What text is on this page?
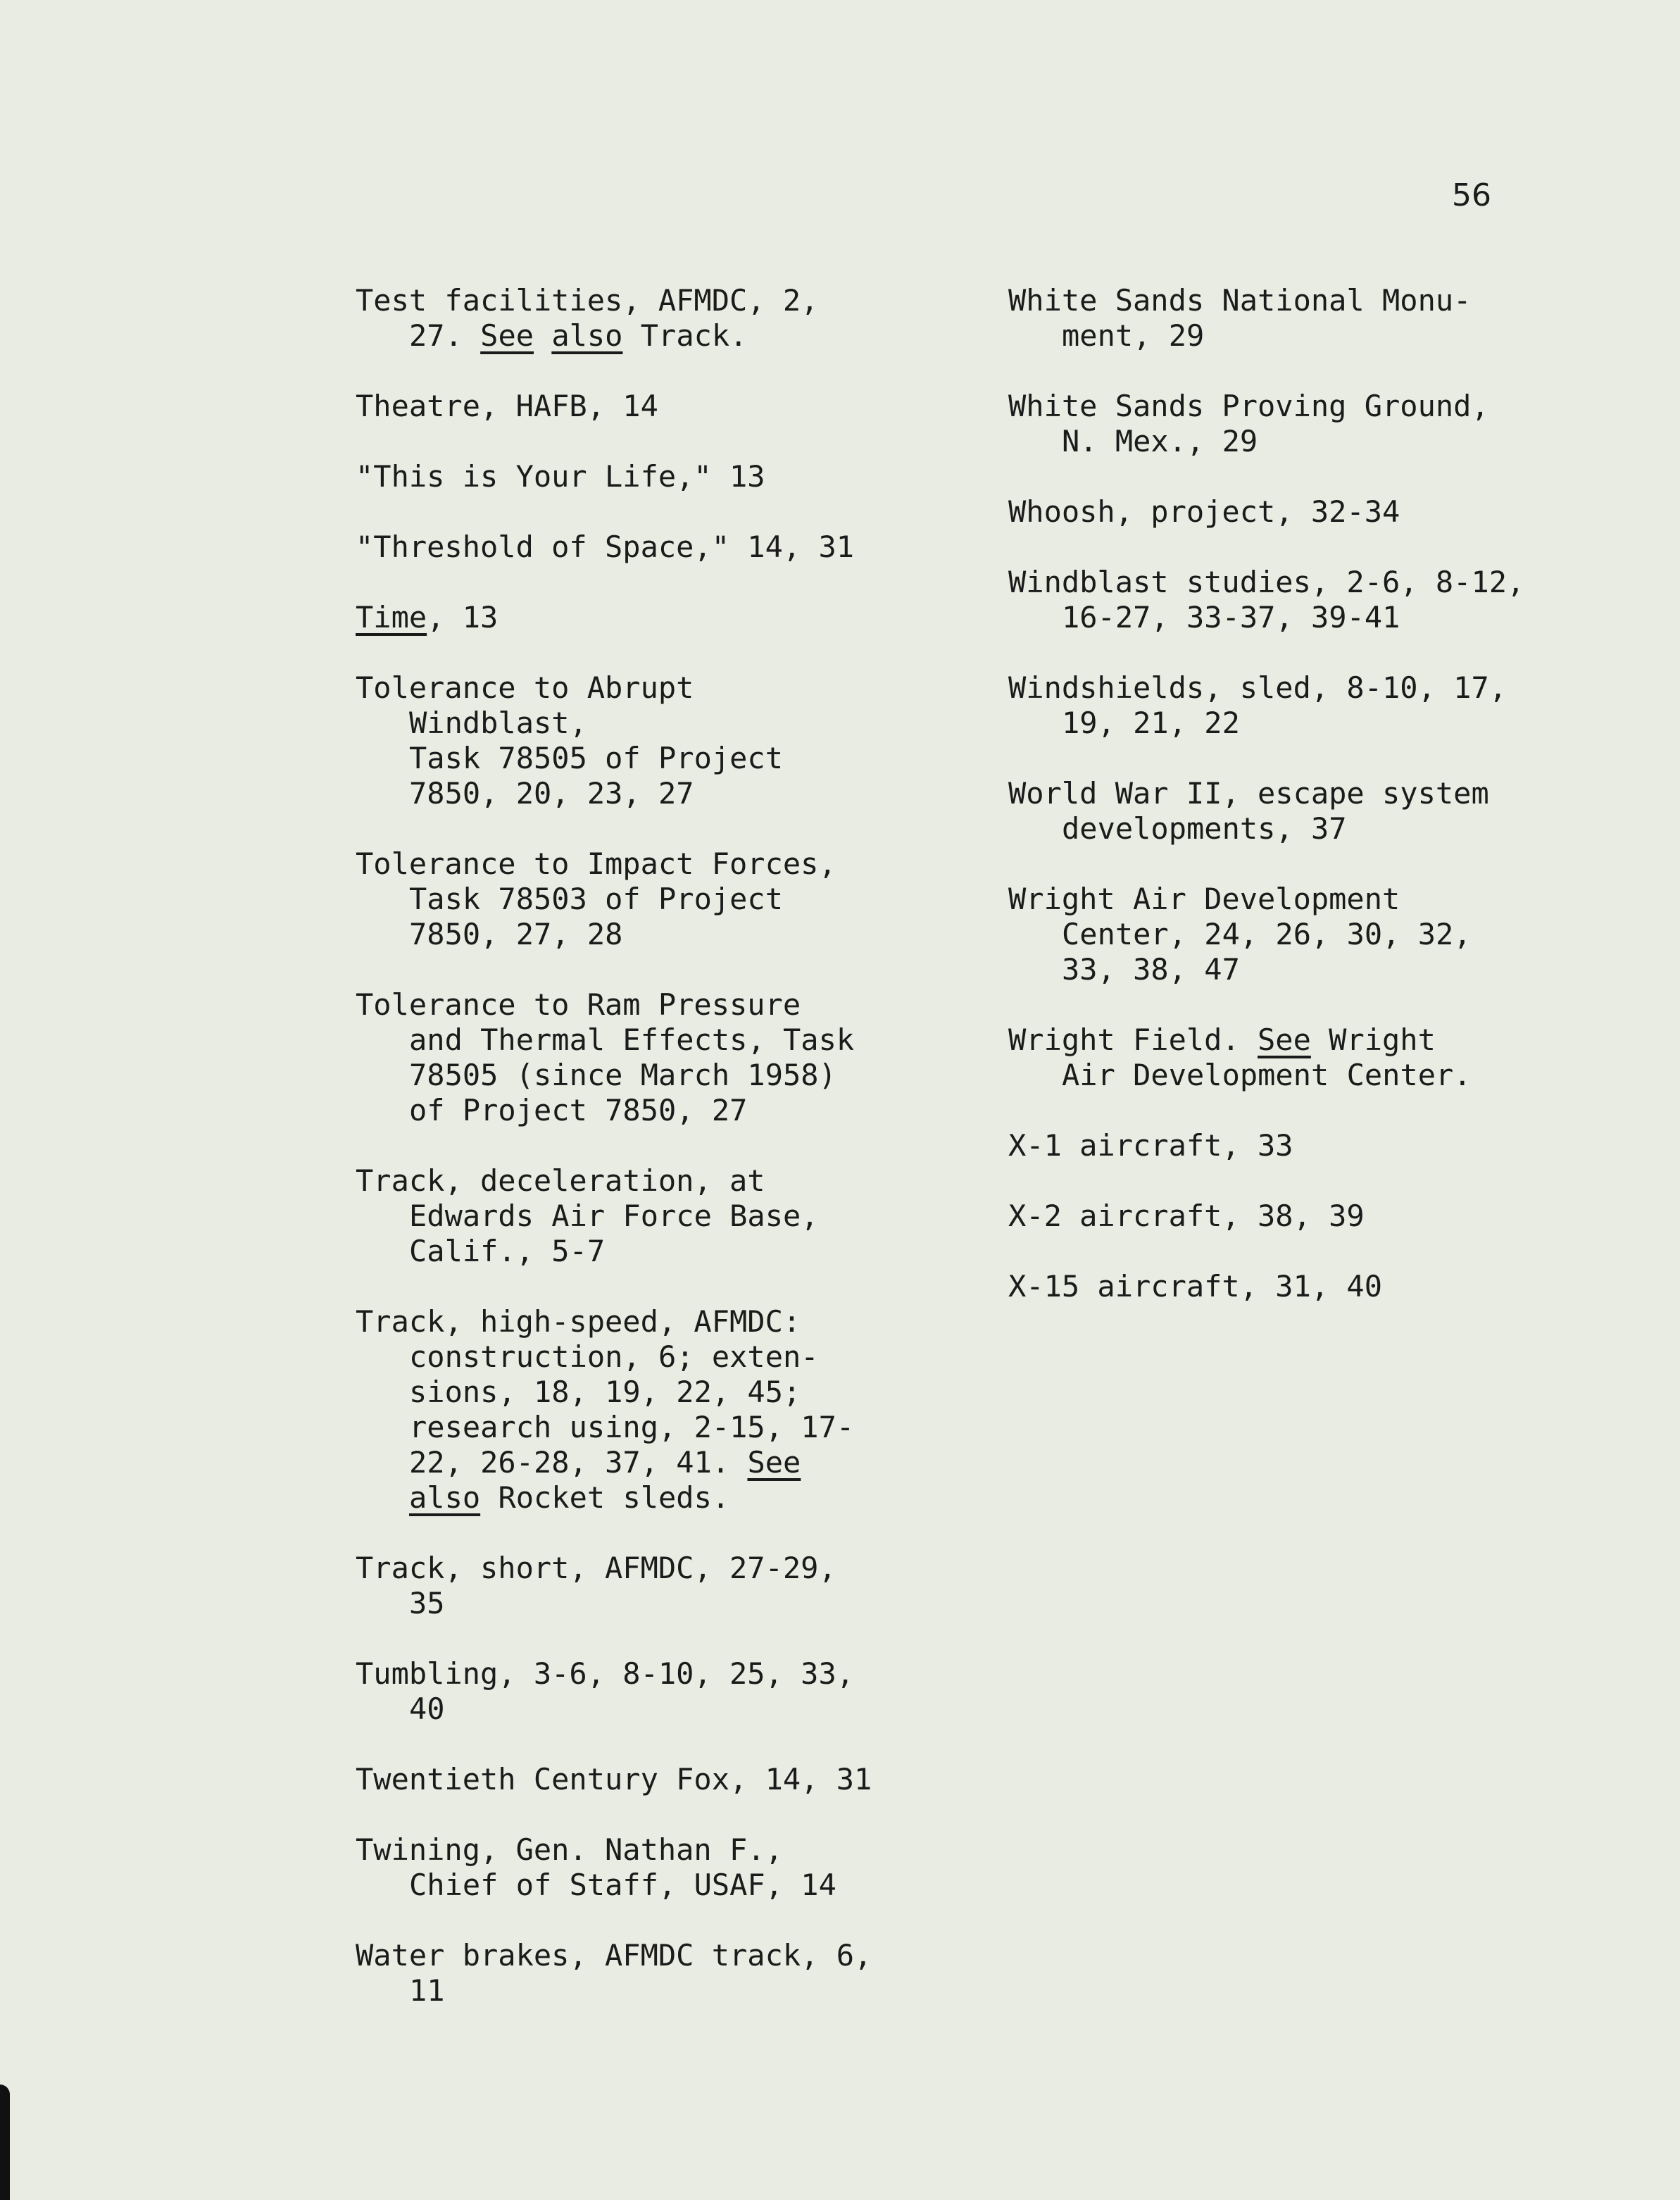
56
Test facilities, AFMDC, 2,
27. See also Track.
Theatre, HAFB, 14
"This is Your Life," 13
"Threshold of Space," 14, 31
Time, 13
Tolerance to Abrupt Windblast,
Task 78505 of Project
7850, 20, 23, 27
Tolerance to Impact Forces,
Task 78503 of Project
7850, 27, 28
Tolerance to Ram Pressure
and Thermal Effects, Task
78505 (since March 1958)
of Project 7850, 27
Track, deceleration, at
Edwards Air Force Base,
Calif., 5-7
Track, high-speed, AFMDC:
construction, 6; exten-
sions, 18, 19, 22, 45;
research using, 2-15, 17-
22, 26-28, 37, 41. See
also Rocket sleds.
Track, short, AFMDC, 27-29,
35
Tumbling, 3-6, 8-10, 25, 33,
40
Twentieth Century Fox, 14, 31
Twining, Gen. Nathan F.,
Chief of Staff, USAF, 14
Water brakes, AFMDC track, 6,
11
White Sands National Monu-
ment, 29
White Sands Proving Ground,
N. Mex., 29
Whoosh, project, 32-34
Windblast studies, 2-6, 8-12,
16-27, 33-37, 39-41
Windshields, sled, 8-10, 17,
19, 21, 22
World War II, escape system
developments, 37
Wright Air Development
Center, 24, 26, 30, 32,
33, 38, 47
Wright Field. See Wright
Air Development Center.
X-1 aircraft, 33
X-2 aircraft, 38, 39
X-15 aircraft, 31, 40
